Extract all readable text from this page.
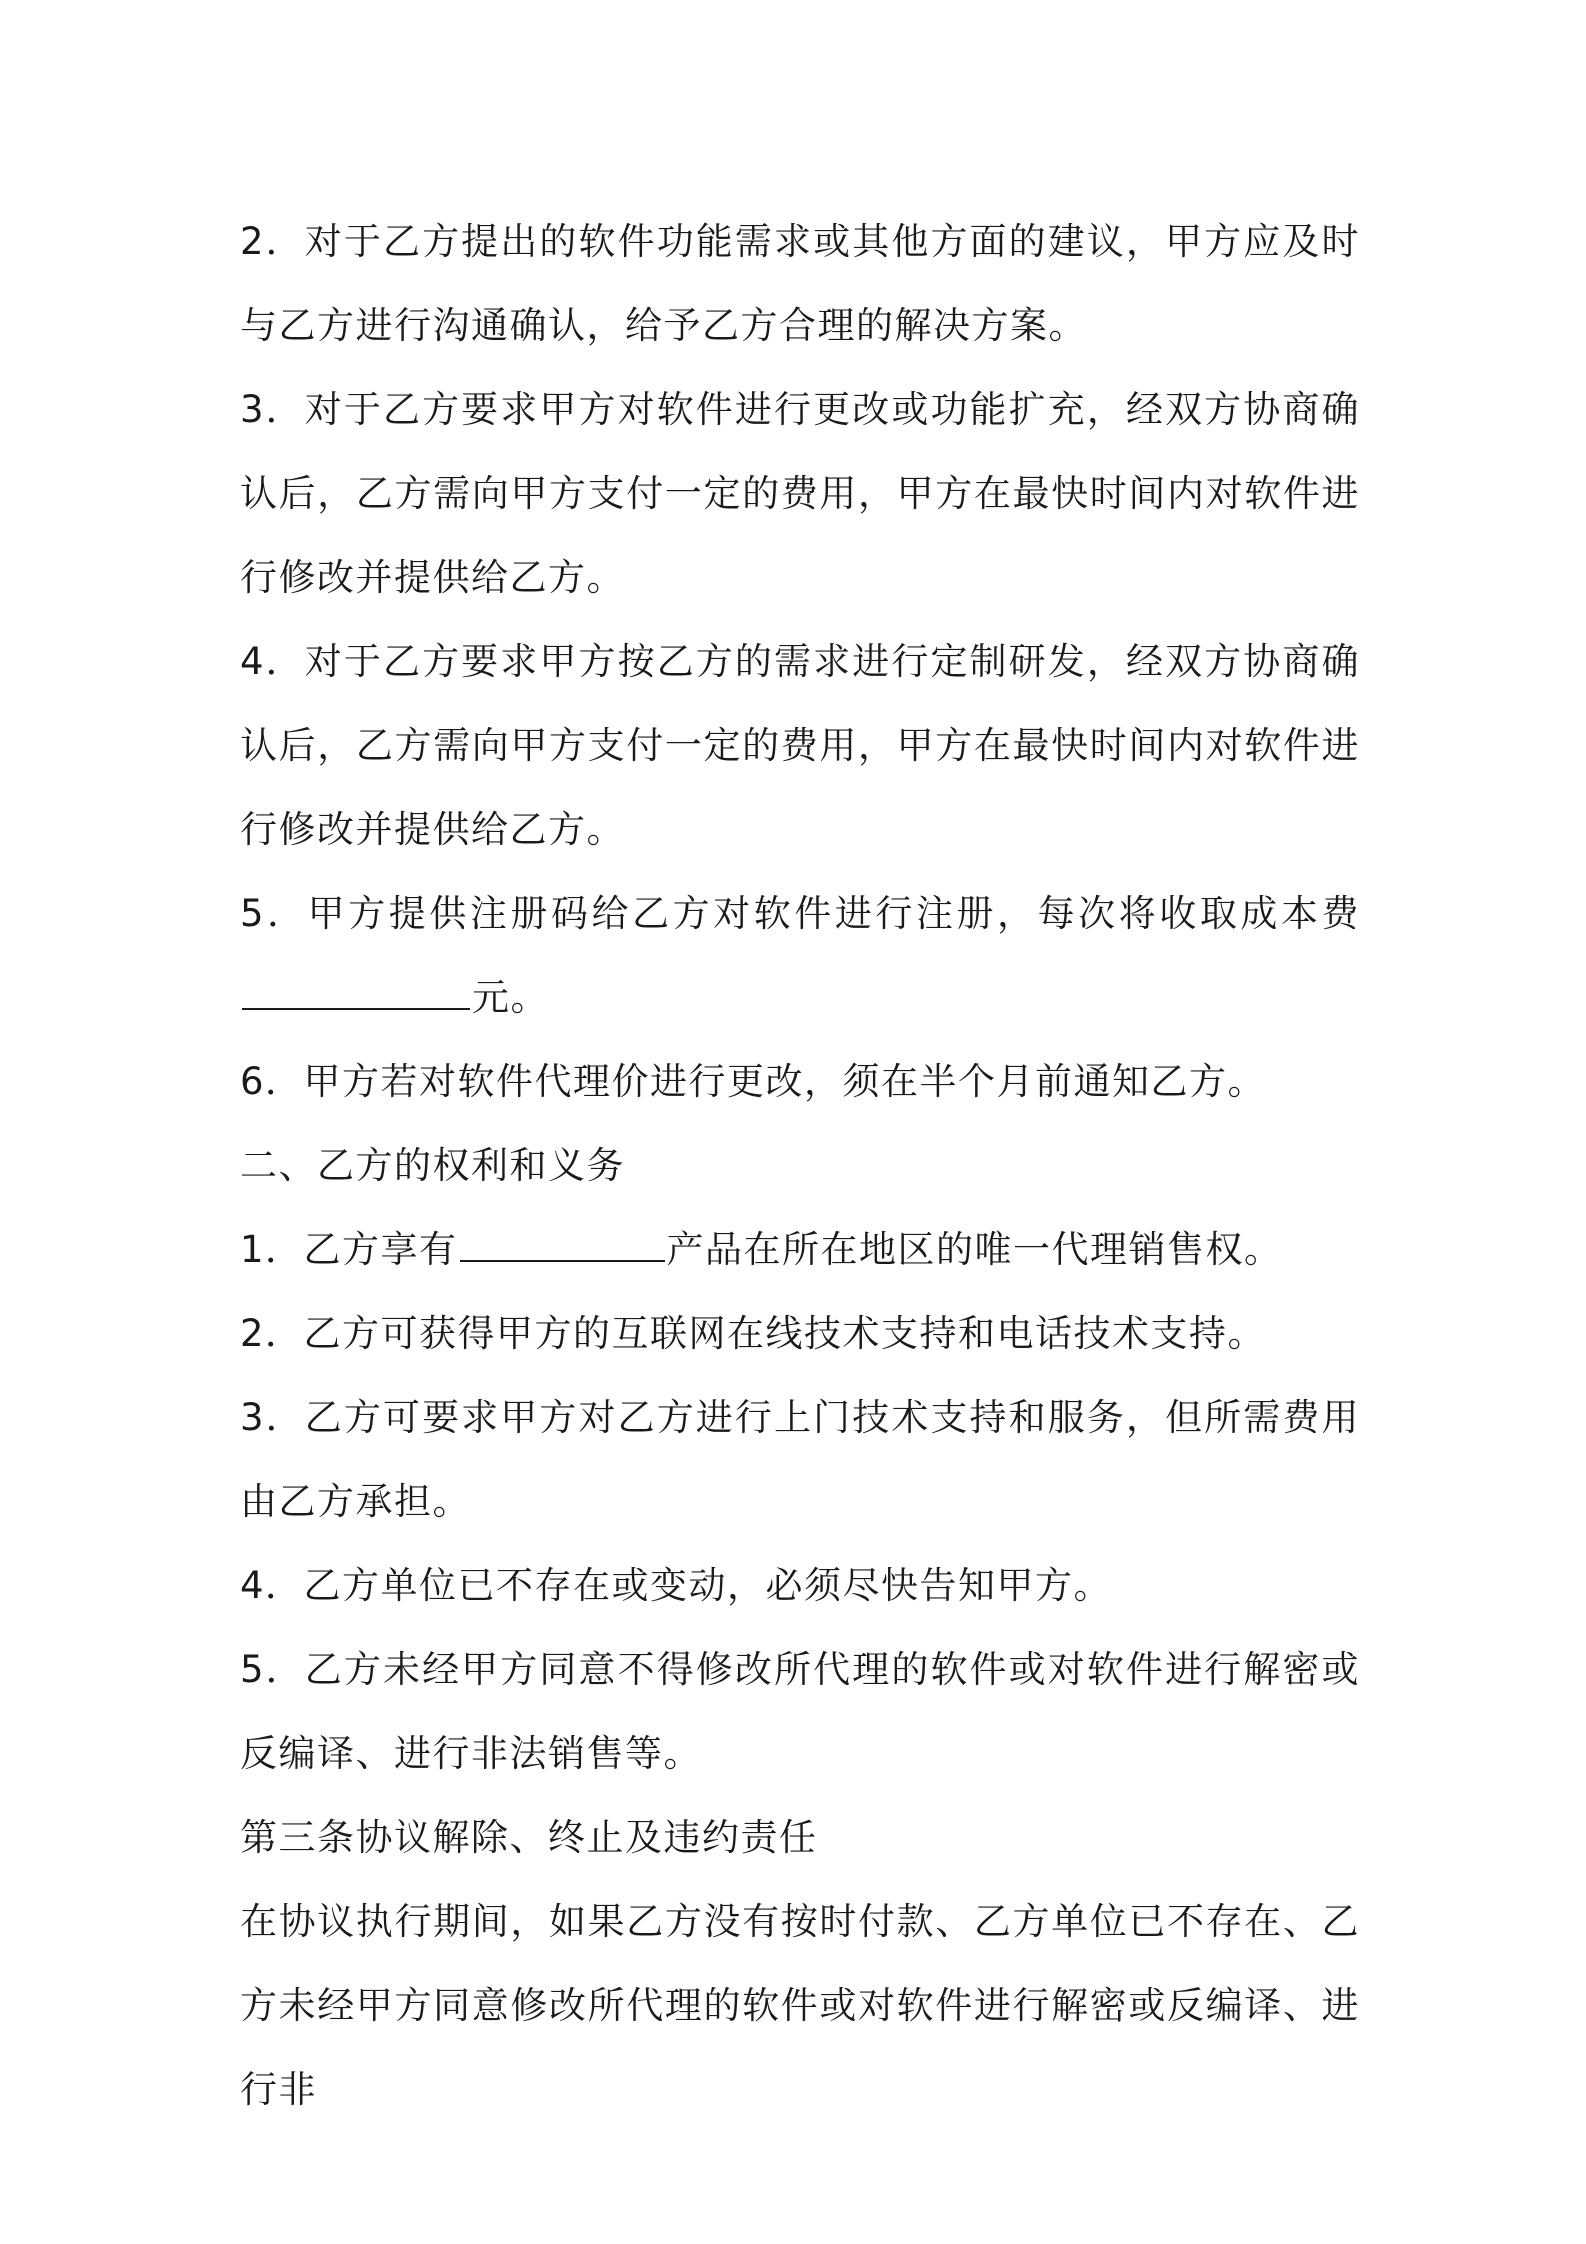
2．对于乙方提出的软件功能需求或其他方面的建议，甲方应及时与乙方进行沟通确认，给予乙方合理的解决方案。

3．对于乙方要求甲方对软件进行更改或功能扩充，经双方协商确认后，乙方需向甲方支付一定的费用，甲方在最快时间内对软件进行修改并提供给乙方。

4．对于乙方要求甲方按乙方的需求进行定制研发，经双方协商确认后，乙方需向甲方支付一定的费用，甲方在最快时间内对软件进行修改并提供给乙方。

5．甲方提供注册码给乙方对软件进行注册，每次将收取成本费元。

6．甲方若对软件代理价进行更改，须在半个月前通知乙方。

二、乙方的权利和义务

1．乙方享有	产品在所在地区的唯一代理销售权。

2．乙方可获得甲方的互联网在线技术支持和电话技术支持。

3．乙方可要求甲方对乙方进行上门技术支持和服务，但所需费用由乙方承担。

4．乙方单位已不存在或变动，必须尽快告知甲方。

5．乙方未经甲方同意不得修改所代理的软件或对软件进行解密或反编译、进行非法销售等。

第三条协议解除、终止及违约责任

在协议执行期间，如果乙方没有按时付款、乙方单位已不存在、乙方未经甲方同意修改所代理的软件或对软件进行解密或反编译、进行非
